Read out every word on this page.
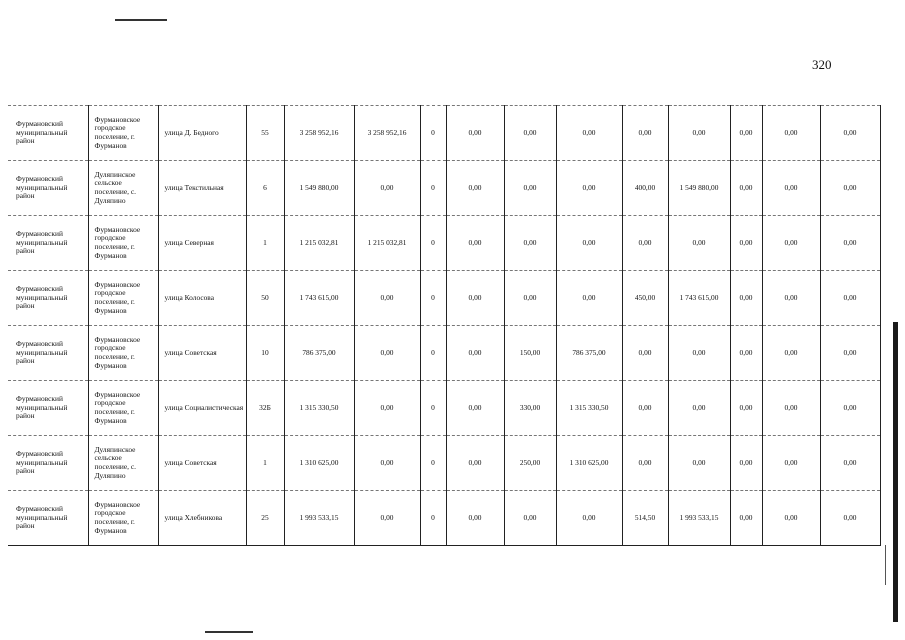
320
Фурмановский муниципальный район	Фурмановское городское поселение, г. Фурманов	улица Д. Бедного	55	3 258 952,16	3 258 952,16	0	0,00	0,00	0,00	0,00	0,00	0,00	0,00	0,00
Фурмановский муниципальный район	Дуляпинское сельское поселение, с. Дуляпино	улица Текстильная	6	1 549 880,00	0,00	0	0,00	0,00	0,00	400,00	1 549 880,00	0,00	0,00	0,00
Фурмановский муниципальный район	Фурмановское городское поселение, г. Фурманов	улица Северная	1	1 215 032,81	1 215 032,81	0	0,00	0,00	0,00	0,00	0,00	0,00	0,00	0,00
Фурмановский муниципальный район	Фурмановское городское поселение, г. Фурманов	улица Колосова	50	1 743 615,00	0,00	0	0,00	0,00	0,00	450,00	1 743 615,00	0,00	0,00	0,00
Фурмановский муниципальный район	Фурмановское городское поселение, г. Фурманов	улица Советская	10	786 375,00	0,00	0	0,00	150,00	786 375,00	0,00	0,00	0,00	0,00	0,00
Фурмановский муниципальный район	Фурмановское городское поселение, г. Фурманов	улица Социалистическая	32Б	1 315 330,50	0,00	0	0,00	330,00	1 315 330,50	0,00	0,00	0,00	0,00	0,00
Фурмановский муниципальный район	Дуляпинское сельское поселение, с. Дуляпино	улица Советская	1	1 310 625,00	0,00	0	0,00	250,00	1 310 625,00	0,00	0,00	0,00	0,00	0,00
Фурмановский муниципальный район	Фурмановское городское поселение, г. Фурманов	улица Хлебникова	25	1 993 533,15	0,00	0	0,00	0,00	0,00	514,50	1 993 533,15	0,00	0,00	0,00
